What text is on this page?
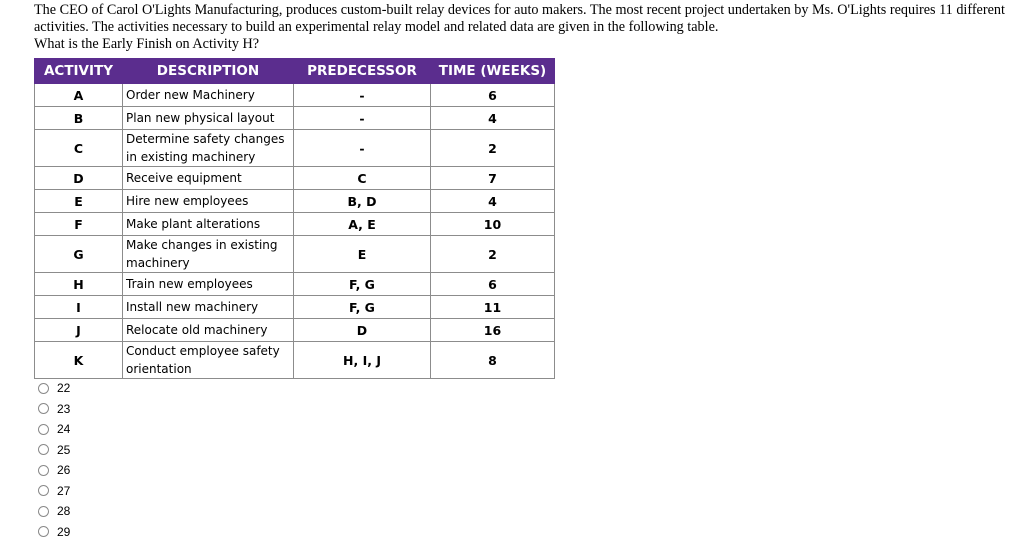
The CEO of Carol O'Lights Manufacturing, produces custom-built relay devices for auto makers. The most recent project undertaken by Ms. O'Lights requires 11 different activities. The activities necessary to build an experimental relay model and related data are given in the following table.

What is the Early Finish on Activity H?

ACTIVITY	DESCRIPTION	PREDECESSOR	TIME (WEEKS)
A	Order new Machinery	-	6
B	Plan new physical layout	-	4
C	Determine safety changes in existing machinery	-	2
D	Receive equipment	C	7
E	Hire new employees	B, D	4
F	Make plant alterations	A, E	10
G	Make changes in existing machinery	E	2
H	Train new employees	F, G	6
I	Install new machinery	F, G	11
J	Relocate old machinery	D	16
K	Conduct employee safety orientation	H, I, J	8
22
23
24
25
26
27
28
29
